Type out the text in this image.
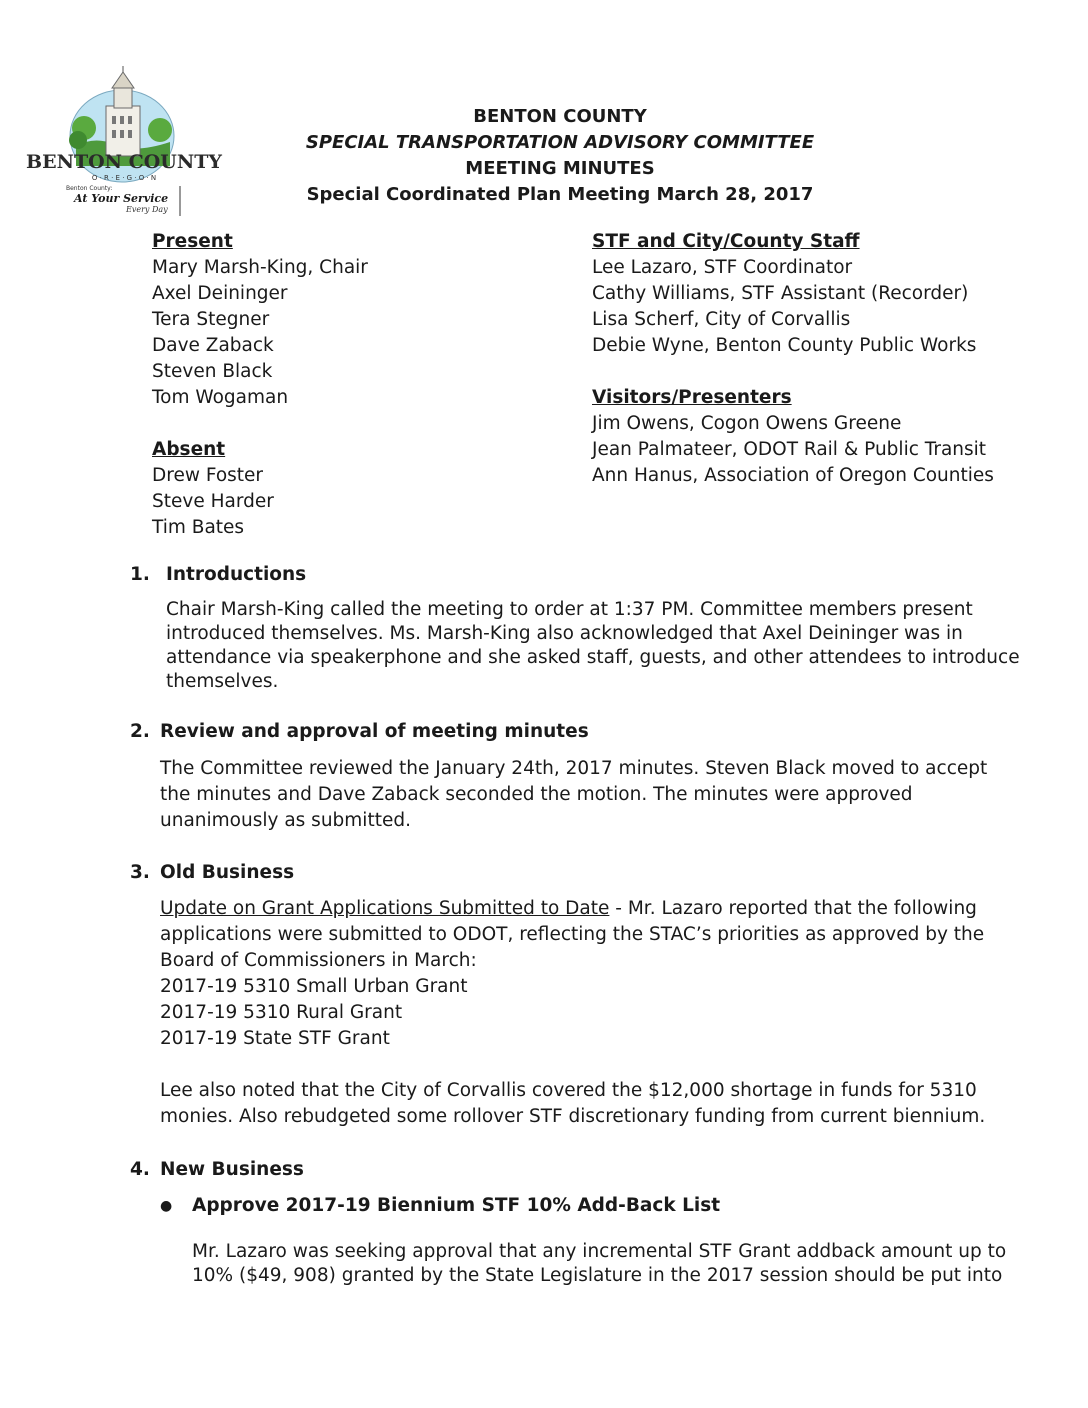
BENTON COUNTY
O · R · E · G · O · N
Benton County:
At Your Service
Every Day
BENTON COUNTY
SPECIAL TRANSPORTATION ADVISORY COMMITTEE
MEETING MINUTES
Special Coordinated Plan Meeting March 28, 2017
Present
Mary Marsh-King, Chair
Axel Deininger
Tera Stegner
Dave Zaback
Steven Black
Tom Wogaman
Absent
Drew Foster
Steve Harder
Tim Bates
STF and City/County Staff
Lee Lazaro, STF Coordinator
Cathy Williams, STF Assistant (Recorder)
Lisa Scherf, City of Corvallis
Debie Wyne, Benton County Public Works
Visitors/Presenters
Jim Owens, Cogon Owens Greene
Jean Palmateer, ODOT Rail & Public Transit
Ann Hanus, Association of Oregon Counties
1. Introductions
Chair Marsh-King called the meeting to order at 1:37 PM. Committee members present
introduced themselves. Ms. Marsh-King also acknowledged that Axel Deininger was in
attendance via speakerphone and she asked staff, guests, and other attendees to introduce
themselves.
2. Review and approval of meeting minutes
The Committee reviewed the January 24th, 2017 minutes. Steven Black moved to accept
the minutes and Dave Zaback seconded the motion. The minutes were approved
unanimously as submitted.
3. Old Business
Update on Grant Applications Submitted to Date - Mr. Lazaro reported that the following
applications were submitted to ODOT, reflecting the STAC’s priorities as approved by the
Board of Commissioners in March:
2017-19 5310 Small Urban Grant
2017-19 5310 Rural Grant
2017-19 State STF Grant
Lee also noted that the City of Corvallis covered the $12,000 shortage in funds for 5310
monies. Also rebudgeted some rollover STF discretionary funding from current biennium.
4. New Business
● Approve 2017-19 Biennium STF 10% Add-Back List
Mr. Lazaro was seeking approval that any incremental STF Grant addback amount up to
10% ($49, 908) granted by the State Legislature in the 2017 session should be put into
